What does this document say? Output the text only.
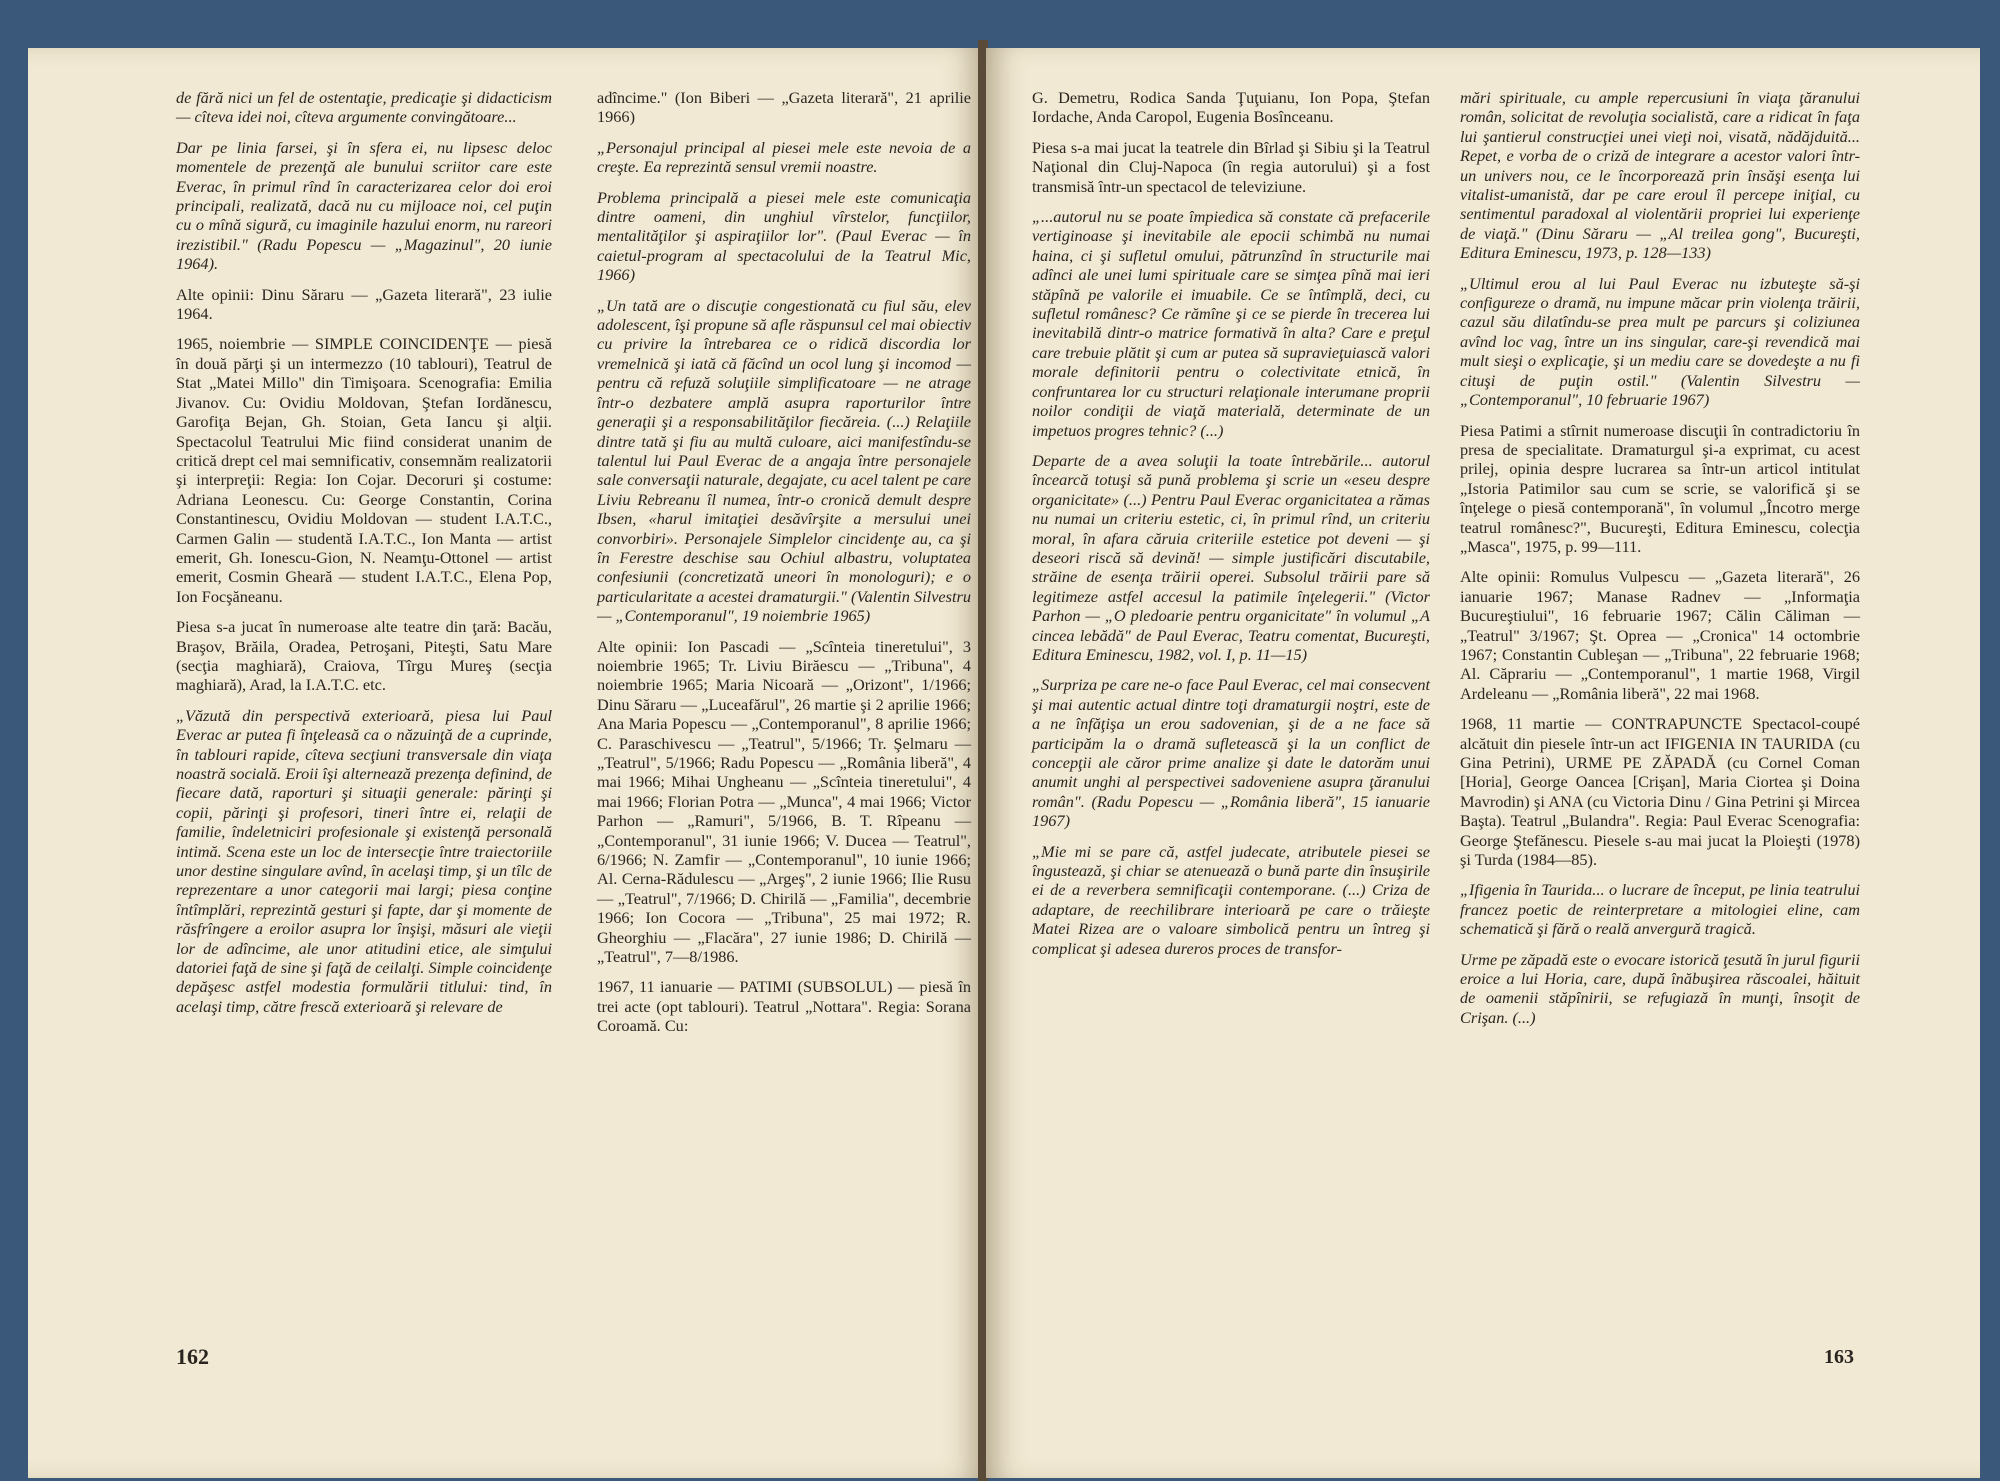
de fără nici un fel de ostentaţie, predicaţie şi didacticism — cîteva idei noi, cîteva argumente convingătoare...

Dar pe linia farsei, şi în sfera ei, nu lipsesc deloc momentele de prezenţă ale bunului scriitor care este Everac, în primul rînd în caracterizarea celor doi eroi principali, realizată, dacă nu cu mijloace noi, cel puţin cu o mînă sigură, cu imaginile hazului enorm, nu rareori irezistibil." (Radu Popescu — „Magazinul", 20 iunie 1964).

Alte opinii: Dinu Săraru — „Gazeta literară", 23 iulie 1964.

1965, noiembrie — SIMPLE COINCIDENŢE — piesă în două părţi şi un intermezzo (10 tablouri), Teatrul de Stat „Matei Millo" din Timişoara. Scenografia: Emilia Jivanov. Cu: Ovidiu Moldovan, Ştefan Iordănescu, Garofiţa Bejan, Gh. Stoian, Geta Iancu şi alţii. Spectacolul Teatrului Mic fiind considerat unanim de critică drept cel mai semnificativ, consemnăm realizatorii şi interpreţii: Regia: Ion Cojar. Decoruri şi costume: Adriana Leonescu. Cu: George Constantin, Corina Constantinescu, Ovidiu Moldovan — student I.A.T.C., Carmen Galin — studentă I.A.T.C., Ion Manta — artist emerit, Gh. Ionescu-Gion, N. Neamţu-Ottonel — artist emerit, Cosmin Gheară — student I.A.T.C., Elena Pop, Ion Focşăneanu.

Piesa s-a jucat în numeroase alte teatre din ţară: Bacău, Braşov, Brăila, Oradea, Petroşani, Piteşti, Satu Mare (secţia maghiară), Craiova, Tîrgu Mureş (secţia maghiară), Arad, la I.A.T.C. etc.

„Văzută din perspectivă exterioară, piesa lui Paul Everac ar putea fi înţeleasă ca o năzuinţă de a cuprinde, în tablouri rapide, cîteva secţiuni transversale din viaţa noastră socială. Eroii îşi alternează prezenţa definind, de fiecare dată, raporturi şi situaţii generale: părinţi şi copii, părinţi şi profesori, tineri între ei, relaţii de familie, îndeletniciri profesionale şi existenţă personală intimă. Scena este un loc de intersecţie între traiectoriile unor destine singulare avînd, în acelaşi timp, şi un tîlc de reprezentare a unor categorii mai largi; piesa conţine întîmplări, reprezintă gesturi şi fapte, dar şi momente de răsfrîngere a eroilor asupra lor înşişi, măsuri ale vieţii lor de adîncime, ale unor atitudini etice, ale simţului datoriei faţă de sine şi faţă de ceilalţi. Simple coincidenţe depăşesc astfel modestia formulării titlului: tind, în acelaşi timp, către frescă exterioară şi relevare de

adîncime." (Ion Biberi — „Gazeta literară", 21 aprilie 1966)

„Personajul principal al piesei mele este nevoia de a creşte. Ea reprezintă sensul vremii noastre.

Problema principală a piesei mele este comunicaţia dintre oameni, din unghiul vîrstelor, funcţiilor, mentalităţilor şi aspiraţiilor lor". (Paul Everac — în caietul-program al spectacolului de la Teatrul Mic, 1966)

„Un tată are o discuţie congestionată cu fiul său, elev adolescent, îşi propune să afle răspunsul cel mai obiectiv cu privire la întrebarea ce o ridică discordia lor vremelnică şi iată că făcînd un ocol lung şi incomod — pentru că refuză soluţiile simplificatoare — ne atrage într-o dezbatere amplă asupra raporturilor între generaţii şi a responsabilităţilor fiecăreia. (...) Relaţiile dintre tată şi fiu au multă culoare, aici manifestîndu-se talentul lui Paul Everac de a angaja între personajele sale conversaţii naturale, degajate, cu acel talent pe care Liviu Rebreanu îl numea, într-o cronică demult despre Ibsen, «harul imitaţiei desăvîrşite a mersului unei convorbiri». Personajele Simplelor cincidenţe au, ca şi în Ferestre deschise sau Ochiul albastru, voluptatea confesiunii (concretizată uneori în monologuri); e o particularitate a acestei dramaturgii." (Valentin Silvestru — „Contemporanul", 19 noiembrie 1965)

Alte opinii: Ion Pascadi — „Scînteia tineretului", 3 noiembrie 1965; Tr. Liviu Birăescu — „Tribuna", 4 noiembrie 1965; Maria Nicoară — „Orizont", 1/1966; Dinu Săraru — „Luceafărul", 26 martie şi 2 aprilie 1966; Ana Maria Popescu — „Contemporanul", 8 aprilie 1966; C. Paraschivescu — „Teatrul", 5/1966; Tr. Şelmaru — „Teatrul", 5/1966; Radu Popescu — „România liberă", 4 mai 1966; Mihai Ungheanu — „Scînteia tineretului", 4 mai 1966; Florian Potra — „Munca", 4 mai 1966; Victor Parhon — „Ramuri", 5/1966, B. T. Rîpeanu — „Contemporanul", 31 iunie 1966; V. Ducea — Teatrul", 6/1966; N. Zamfir — „Contemporanul", 10 iunie 1966; Al. Cerna-Rădulescu — „Argeş", 2 iunie 1966; Ilie Rusu — „Teatrul", 7/1966; D. Chirilă — „Familia", decembrie 1966; Ion Cocora — „Tribuna", 25 mai 1972; R. Gheorghiu — „Flacăra", 27 iunie 1986; D. Chirilă — „Teatrul", 7—8/1986.

1967, 11 ianuarie — PATIMI (SUBSOLUL) — piesă în trei acte (opt tablouri). Teatrul „Nottara". Regia: Sorana Coroamă. Cu:

162

G. Demetru, Rodica Sanda Ţuţuianu, Ion Popa, Ştefan Iordache, Anda Caropol, Eugenia Bosînceanu.

Piesa s-a mai jucat la teatrele din Bîrlad şi Sibiu şi la Teatrul Naţional din Cluj-Napoca (în regia autorului) şi a fost transmisă într-un spectacol de televiziune.

„...autorul nu se poate împiedica să constate că prefacerile vertiginoase şi inevitabile ale epocii schimbă nu numai haina, ci şi sufletul omului, pătrunzînd în structurile mai adînci ale unei lumi spirituale care se simţea pînă mai ieri stăpînă pe valorile ei imuabile. Ce se întîmplă, deci, cu sufletul românesc? Ce rămîne şi ce se pierde în trecerea lui inevitabilă dintr-o matrice formativă în alta? Care e preţul care trebuie plătit şi cum ar putea să supravieţuiască valori morale definitorii pentru o colectivitate etnică, în confruntarea lor cu structuri relaţionale interumane proprii noilor condiţii de viaţă materială, determinate de un impetuos progres tehnic? (...)

Departe de a avea soluţii la toate întrebările... autorul încearcă totuşi să pună problema şi scrie un «eseu despre organicitate» (...) Pentru Paul Everac organicitatea a rămas nu numai un criteriu estetic, ci, în primul rînd, un criteriu moral, în afara căruia criteriile estetice pot deveni — şi deseori riscă să devină! — simple justificări discutabile, străine de esenţa trăirii operei. Subsolul trăirii pare să legitimeze astfel accesul la patimile înţelegerii." (Victor Parhon — „O pledoarie pentru organicitate" în volumul „A cincea lebădă" de Paul Everac, Teatru comentat, Bucureşti, Editura Eminescu, 1982, vol. I, p. 11—15)

„Surpriza pe care ne-o face Paul Everac, cel mai consecvent şi mai autentic actual dintre toţi dramaturgii noştri, este de a ne înfăţişa un erou sadovenian, şi de a ne face să participăm la o dramă sufletească şi la un conflict de concepţii ale căror prime analize şi date le datorăm unui anumit unghi al perspectivei sadoveniene asupra ţăranului român". (Radu Popescu — „România liberă", 15 ianuarie 1967)

„Mie mi se pare că, astfel judecate, atributele piesei se îngustează, şi chiar se atenuează o bună parte din însuşirile ei de a reverbera semnificaţii contemporane. (...) Criza de adaptare, de reechilibrare interioară pe care o trăieşte Matei Rizea are o valoare simbolică pentru un întreg şi complicat şi adesea dureros proces de transfor-

mări spirituale, cu ample repercusiuni în viaţa ţăranului român, solicitat de revoluţia socialistă, care a ridicat în faţa lui şantierul construcţiei unei vieţi noi, visată, nădăjduită... Repet, e vorba de o criză de integrare a acestor valori într-un univers nou, ce le încorporează prin însăşi esenţa lui vitalist-umanistă, dar pe care eroul îl percepe iniţial, cu sentimentul paradoxal al violentării propriei lui experienţe de viaţă." (Dinu Săraru — „Al treilea gong", Bucureşti, Editura Eminescu, 1973, p. 128—133)

„Ultimul erou al lui Paul Everac nu izbuteşte să-şi configureze o dramă, nu impune măcar prin violenţa trăirii, cazul său dilatîndu-se prea mult pe parcurs şi coliziunea avînd loc vag, între un ins singular, care-şi revendică mai mult sieşi o explicaţie, şi un mediu care se dovedeşte a nu fi cituşi de puţin ostil." (Valentin Silvestru — „Contemporanul", 10 februarie 1967)

Piesa Patimi a stîrnit numeroase discuţii în contradictoriu în presa de specialitate. Dramaturgul şi-a exprimat, cu acest prilej, opinia despre lucrarea sa într-un articol intitulat „Istoria Patimilor sau cum se scrie, se valorifică şi se înţelege o piesă contemporană", în volumul „Încotro merge teatrul românesc?", Bucureşti, Editura Eminescu, colecţia „Masca", 1975, p. 99—111.

Alte opinii: Romulus Vulpescu — „Gazeta literară", 26 ianuarie 1967; Manase Radnev — „Informaţia Bucureştiului", 16 februarie 1967; Călin Căliman — „Teatrul" 3/1967; Şt. Oprea — „Cronica" 14 octombrie 1967; Constantin Cubleşan — „Tribuna", 22 februarie 1968; Al. Căprariu — „Contemporanul", 1 martie 1968, Virgil Ardeleanu — „România liberă", 22 mai 1968.

1968, 11 martie — CONTRAPUNCTE Spectacol-coupé alcătuit din piesele într-un act IFIGENIA IN TAURIDA (cu Gina Petrini), URME PE ZĂPADĂ (cu Cornel Coman [Horia], George Oancea [Crişan], Maria Ciortea şi Doina Mavrodin) şi ANA (cu Victoria Dinu / Gina Petrini şi Mircea Başta). Teatrul „Bulandra". Regia: Paul Everac Scenografia: George Ştefănescu. Piesele s-au mai jucat la Ploieşti (1978) şi Turda (1984—85).

„Ifigenia în Taurida... o lucrare de început, pe linia teatrului francez poetic de reinterpretare a mitologiei eline, cam schematică şi fără o reală anvergură tragică.

Urme pe zăpadă este o evocare istorică ţesută în jurul figurii eroice a lui Horia, care, după înăbuşirea răscoalei, hăituit de oamenii stăpînirii, se refugiază în munţi, însoţit de Crişan. (...)

163
